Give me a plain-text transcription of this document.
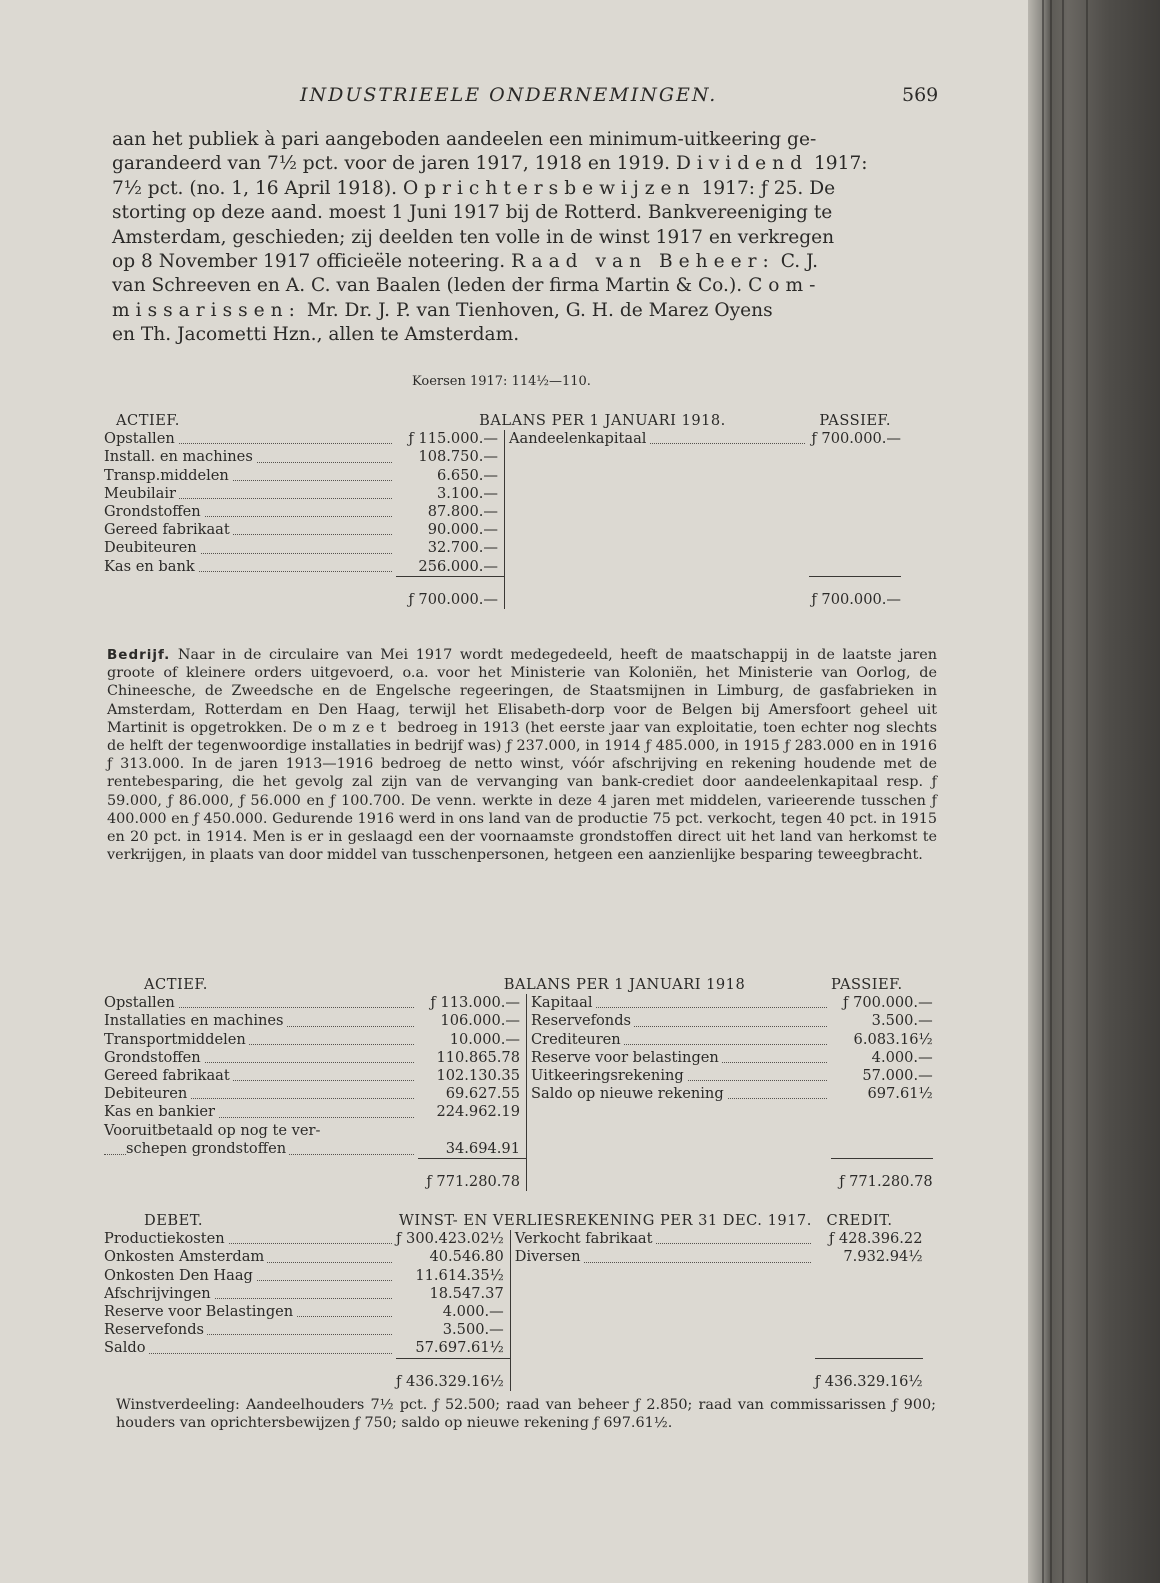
INDUSTRIEELE ONDERNEMINGEN.	569
aan het publiek à pari aangeboden aandeelen een minimum-uitkeering ge-
garandeerd van 7½ pct. voor de jaren 1917, 1918 en 1919. Dividend 1917:
7½ pct. (no. 1, 16 April 1918). Oprichtersbewijzen 1917: ƒ 25. De
storting op deze aand. moest 1 Juni 1917 bij de Rotterd. Bankvereeniging te
Amsterdam, geschieden; zij deelden ten volle in de winst 1917 en verkregen
op 8 November 1917 officieële noteering. Raad van Beheer: C. J.
van Schreeven en A. C. van Baalen (leden der firma Martin & Co.). Com-
missarissen: Mr. Dr. J. P. van Tienhoven, G. H. de Marez Oyens
en Th. Jacometti Hzn., allen te Amsterdam.
Koersen 1917: 114½—110.
ACTIEF.	BALANS PER 1 JANUARI 1918.		PASSIEF.
Opstallen	ƒ 115.000.—	Aandeelenkapitaal	ƒ 700.000.—
Install. en machines	108.750.—		
Transp.middelen	6.650.—		
Meubilair	3.100.—		
Grondstoffen	87.800.—		
Gereed fabrikaat	90.000.—		
Deubiteuren	32.700.—		
Kas en bank	256.000.—		
	ƒ 700.000.—		ƒ 700.000.—
Bedrijf. Naar in de circulaire van Mei 1917 wordt medegedeeld, heeft de maatschappij in de laatste jaren groote of kleinere orders uitgevoerd, o.a. voor het Ministerie van Koloniën, het Ministerie van Oorlog, de Chineesche, de Zweedsche en de Engelsche regeeringen, de Staatsmijnen in Limburg, de gasfabrieken in Amsterdam, Rotterdam en Den Haag, terwijl het Elisabeth-dorp voor de Belgen bij Amersfoort geheel uit Martinit is opgetrokken. De omzet bedroeg in 1913 (het eerste jaar van exploitatie, toen echter nog slechts de helft der tegenwoordige installaties in bedrijf was) ƒ 237.000, in 1914 ƒ 485.000, in 1915 ƒ 283.000 en in 1916 ƒ 313.000. In de jaren 1913—1916 bedroeg de netto winst, vóór afschrijving en rekening houdende met de rentebesparing, die het gevolg zal zijn van de vervanging van bank-crediet door aandeelenkapitaal resp. ƒ 59.000, ƒ 86.000, ƒ 56.000 en ƒ 100.700. De venn. werkte in deze 4 jaren met middelen, varieerende tusschen ƒ 400.000 en ƒ 450.000. Gedurende 1916 werd in ons land van de productie 75 pct. verkocht, tegen 40 pct. in 1915 en 20 pct. in 1914. Men is er in geslaagd een der voornaamste grondstoffen direct uit het land van herkomst te verkrijgen, in plaats van door middel van tusschenpersonen, hetgeen een aanzienlijke besparing teweegbracht.
ACTIEF.	BALANS PER 1 JANUARI 1918		PASSIEF.
Opstallen	ƒ 113.000.—	Kapitaal	ƒ 700.000.—
Installaties en machines	106.000.—	Reservefonds	3.500.—
Transportmiddelen	10.000.—	Crediteuren	6.083.16½
Grondstoffen	110.865.78	Reserve voor belastingen	4.000.—
Gereed fabrikaat	102.130.35	Uitkeeringsrekening	57.000.—
Debiteuren	69.627.55	Saldo op nieuwe rekening	697.61½
Kas en bankier	224.962.19		
Vooruitbetaald op nog te ver-			
schepen grondstoffen	34.694.91		
	ƒ 771.280.78		ƒ 771.280.78
DEBET.	WINST- EN VERLIESREKENING PER 31 DEC. 1917.		CREDIT.
Productiekosten	ƒ 300.423.02½	Verkocht fabrikaat	ƒ 428.396.22
Onkosten Amsterdam	40.546.80	Diversen	7.932.94½
Onkosten Den Haag	11.614.35½		
Afschrijvingen	18.547.37		
Reserve voor Belastingen	4.000.—		
Reservefonds	3.500.—		
Saldo	57.697.61½		
	ƒ 436.329.16½		ƒ 436.329.16½
Winstverdeeling: Aandeelhouders 7½ pct. ƒ 52.500; raad van beheer ƒ 2.850; raad van commissarissen ƒ 900; houders van oprichtersbewijzen ƒ 750; saldo op nieuwe rekening ƒ 697.61½.
